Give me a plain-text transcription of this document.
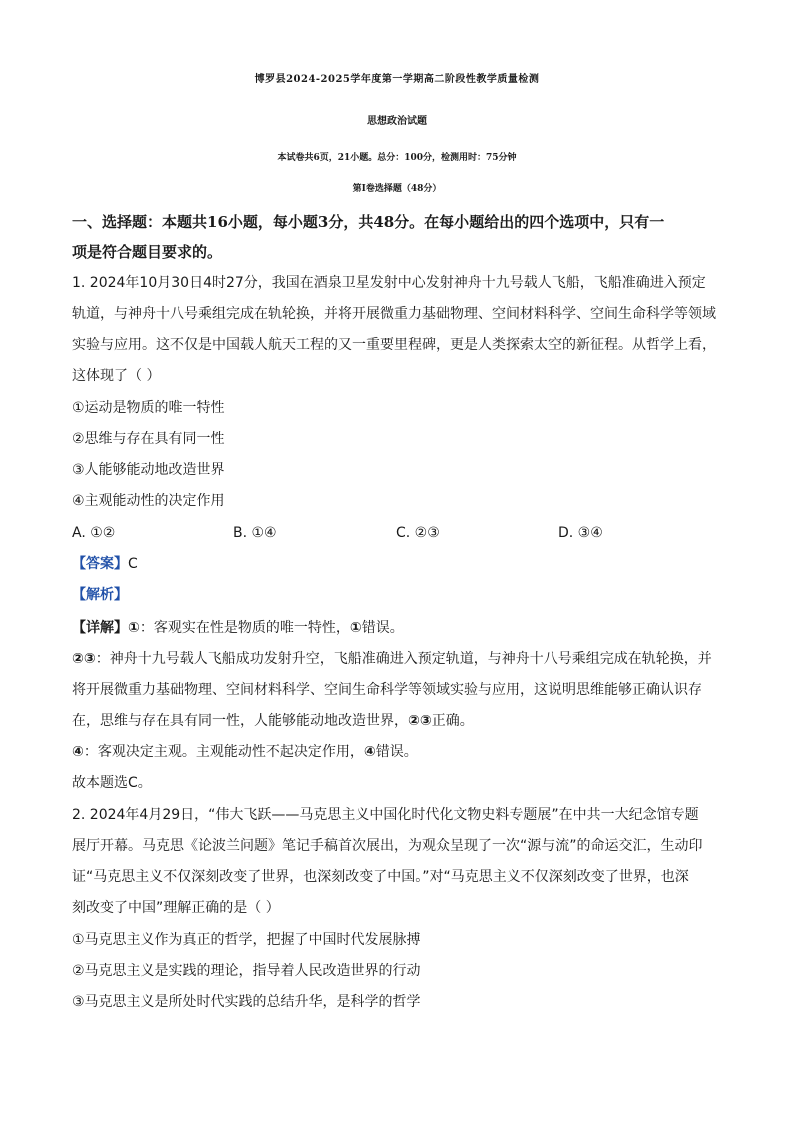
博罗县2024-2025学年度第一学期高二阶段性教学质量检测
思想政治试题
本试卷共6页，21小题。总分：100分，检测用时：75分钟
第Ⅰ卷选择题（48分）
一、选择题：本题共16小题，每小题3分，共48分。在每小题给出的四个选项中，只有一
项是符合题目要求的。
1. 2024年10月30日4时27分，我国在酒泉卫星发射中心发射神舟十九号载人飞船，飞船准确进入预定
轨道，与神舟十八号乘组完成在轨轮换，并将开展微重力基础物理、空间材料科学、空间生命科学等领域
实验与应用。这不仅是中国载人航天工程的又一重要里程碑，更是人类探索太空的新征程。从哲学上看，
这体现了（ ）
①运动是物质的唯一特性
②思维与存在具有同一性
③人能够能动地改造世界
④主观能动性的决定作用
A. ①②	B. ①④	C. ②③	D. ③④
【答案】C
【解析】
【详解】①：客观实在性是物质的唯一特性，①错误。
②③：神舟十九号载人飞船成功发射升空，飞船准确进入预定轨道，与神舟十八号乘组完成在轨轮换，并
将开展微重力基础物理、空间材料科学、空间生命科学等领域实验与应用，这说明思维能够正确认识存
在，思维与存在具有同一性，人能够能动地改造世界，②③正确。
④：客观决定主观。主观能动性不起决定作用，④错误。
故本题选C。
2. 2024年4月29日，“伟大飞跃——马克思主义中国化时代化文物史料专题展”在中共一大纪念馆专题
展厅开幕。马克思《论波兰问题》笔记手稿首次展出，为观众呈现了一次“源与流”的命运交汇，生动印
证“马克思主义不仅深刻改变了世界，也深刻改变了中国。”对“马克思主义不仅深刻改变了世界，也深
刻改变了中国”理解正确的是（ ）
①马克思主义作为真正的哲学，把握了中国时代发展脉搏
②马克思主义是实践的理论，指导着人民改造世界的行动
③马克思主义是所处时代实践的总结升华，是科学的哲学
